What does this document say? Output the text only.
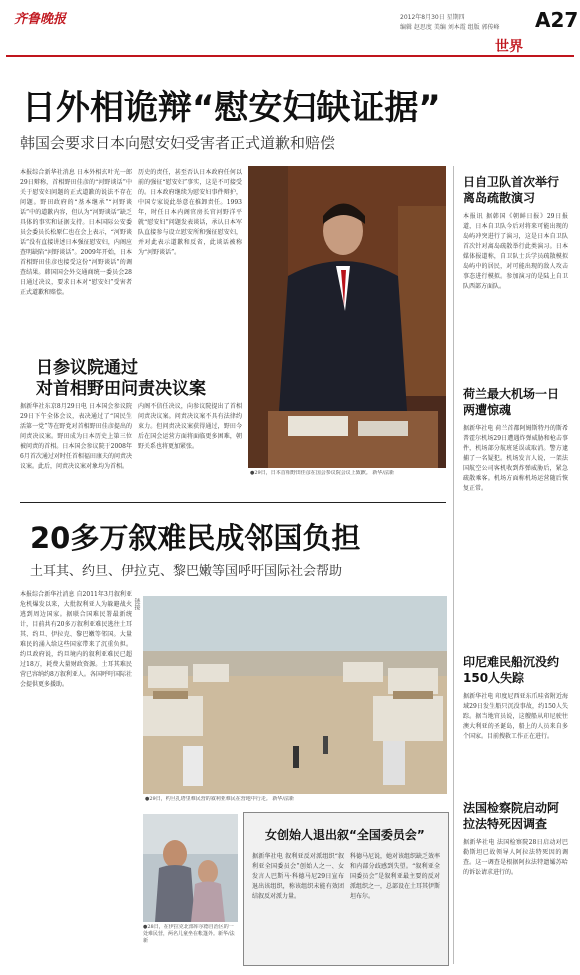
齐鲁晚报	2012年8月30日 星期四
编辑 赵思度 美编 刘本霞 组版 郭传峰 A27
世界
日外相诡辩“慰安妇缺证据”
韩国会要求日本向慰安妇受害者正式道歉和赔偿
本报综合新华社消息 日本外相玄叶光一郎29日辩称，首相野田佳彦的“河野谈话”中关于慰安妇问题的正式道歉的说法不存在问题。野田政府的“基本继承”“河野谈话”中的道歉内容，但认为“河野谈话”缺乏具体的事实和证据支持。日本国际公安委员会委员长松原仁也在会上表示，“河野谈话”没有直接讲述日本强征慰安妇，内阁应查明缺陷“河野谈话”。2009年开始，日本首相野田佳彦也接受这份“河野谈话”的调查结果。韩国国会外交通商统一委员会28日通过决议，要求日本对“慰安妇”受害者正式道歉和赔偿。
历史的责任，甚至否认日本政府任何以前的强征“慰安妇”事实，这是不可接受的。日本政府继续为慰安妇事件辩护，中国专家说此举意在推卸责任。1993年，时任日本内阁官房长官河野洋平就“慰安妇”问题发表谈话，承认日本军队直接参与设立慰安所和强征慰安妇，并对此表示道歉和反省，此谈话被称为“河野谈话”。
●29日，日本首相野田佳彦在国会参议院会议上致歉。 新华/法新
日参议院通过
对首相野田问责决议案
据新华社东京8月29日电 日本国会参议院29日下午全体会议，表决通过了“国民生活第一党”等在野党对首相野田佳彦提出的问责决议案。野田成为日本历史上第三位被问责的首相。日本国会参议院于2008年6月首次通过对时任首相福田康夫的问责决议案。此后，问责决议案对象均为首相。
内阁不信任决议，向参议院提出了首相问责决议案。问责决议案不具有法律约束力。但问责决议案获得通过，野田今后在国会运营方面将面临更多困难，朝野关系也将更加紧张。
20多万叙难民成邻国负担
土耳其、约旦、伊拉克、黎巴嫩等国呼吁国际社会帮助
本报综合新华社消息 自2011年3月叙利亚危机爆发以来，大批叙利亚人为躲避战火逃到周边国家。据联合国难民署最新统计，目前共有20多万叙利亚难民逃往土耳其、约旦、伊拉克、黎巴嫩等邻国。大量难民的涌入给这些国家带来了沉重负担。约旦政府说，约旦境内的叙利亚难民已超过18万，耗费大量财政资源。土耳其难民营已容纳约8万叙利亚人。各国呼吁国际社会提供更多援助。
链接
●29日，约旦扎塔里难民营的叙利亚难民在营地中行走。 新华/法新
●28日，在伊拉克北部库尔德自治区的一处难民营，两名儿童坐在帐篷外。新华/法新
女创始人退出叙“全国委员会”
据新华社电 叙利亚反对派组织“叙利亚全国委员会”创始人之一、女发言人巴斯马·科德马尼29日宣布退出该组织，称该组织未能有效团结叙反对派力量。
科德马尼说，她对该组织缺乏效率和内部分歧感到失望。“叙利亚全国委员会”是叙利亚最主要的反对派组织之一，总部设在土耳其伊斯坦布尔。
日自卫队首次举行离岛疏散演习
本报讯 据韩国《朝鲜日报》29日报道，日本自卫队今后对将来可能出现的岛屿冲突进行了演习，这是日本自卫队首次针对离岛疏散举行此类演习。日本媒体报道称，自卫队士兵学员疏散模拟岛屿中的居民，对可能出现的敌人攻击事态进行模拟。参加演习的是陆上自卫队西部方面队。
荷兰最大机场一日两遭惊魂
据新华社电 荷兰首都阿姆斯特丹的斯希普霍尔机场29日遭遇炸弹威胁和枪击事件，机场部分航班延误或取消。警方逮捕了一名疑犯。机场发言人说，一架法国航空公司客机收到炸弹威胁后，紧急疏散乘客。机场方面称机场运营随后恢复正常。
印尼难民船沉没约150人失踪
据新华社电 印度尼西亚东爪哇省附近海域29日发生船只沉没事故，约150人失踪。据当地官员说，这艘船从印尼驶往澳大利亚的圣诞岛，船上的人员来自多个国家。目前搜救工作正在进行。
法国检察院启动阿拉法特死因调查
据新华社电 法国检察院28日启动对巴勒斯坦已故领导人阿拉法特死因的调查。这一调查是根据阿拉法特遗孀苏哈的诉讼请求进行的。
